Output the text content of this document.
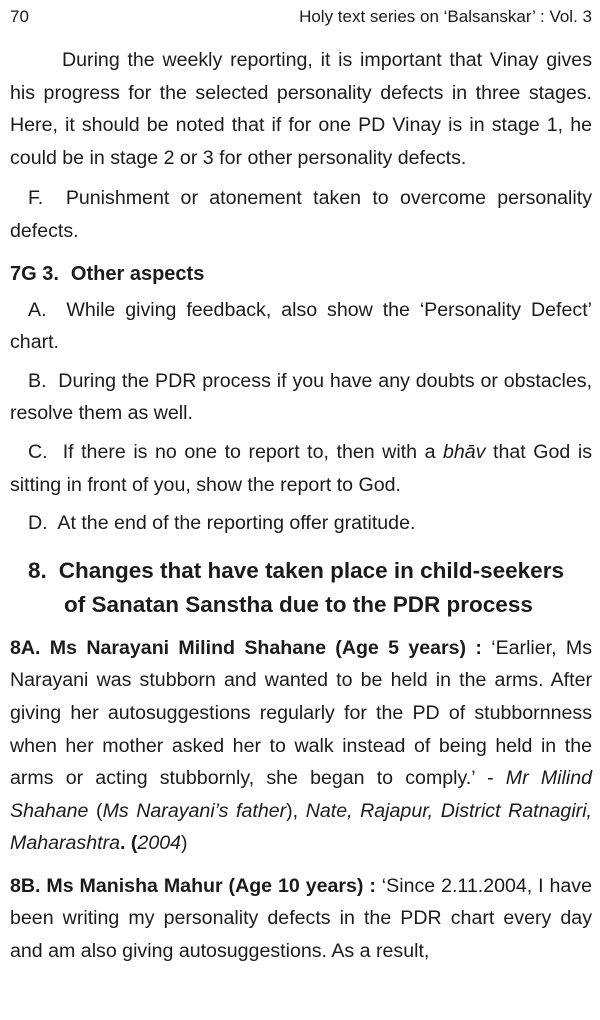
70	Holy text series on ‘Balsanskar’ : Vol. 3

During the weekly reporting, it is important that Vinay gives his progress for the selected personality defects in three stages. Here, it should be noted that if for one PD Vinay is in stage 1, he could be in stage 2 or 3 for other personality defects.

F. Punishment or atonement taken to overcome personality defects.

7G 3. Other aspects

A. While giving feedback, also show the ‘Personality Defect’ chart.

B. During the PDR process if you have any doubts or obstacles, resolve them as well.

C. If there is no one to report to, then with a bhāv that God is sitting in front of you, show the report to God.

D. At the end of the reporting offer gratitude.

8. Changes that have taken place in child-seekers
of Sanatan Sanstha due to the PDR process

8A. Ms Narayani Milind Shahane (Age 5 years) : ‘Earlier, Ms Narayani was stubborn and wanted to be held in the arms. After giving her autosuggestions regularly for the PD of stubbornness when her mother asked her to walk instead of being held in the arms or acting stubbornly, she began to comply.’ - Mr Milind Shahane (Ms Narayani’s father), Nate, Rajapur, District Ratnagiri, Maharashtra. (2004)

8B. Ms Manisha Mahur (Age 10 years) : ‘Since 2.11.2004, I have been writing my personality defects in the PDR chart every day and am also giving autosuggestions. As a result,
